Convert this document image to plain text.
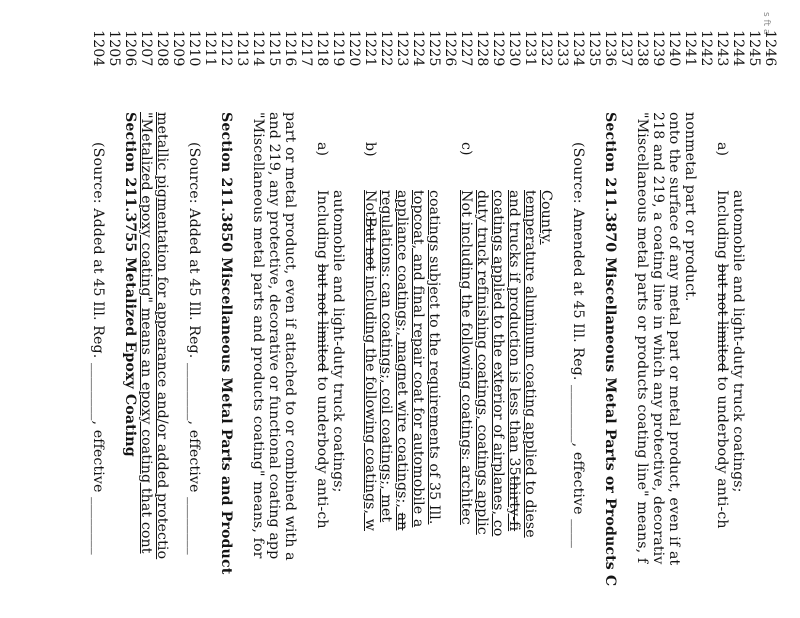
s ft a
1204 1205 1206 1207 1208 1209 1210 1211 1212 1213 1214 1215 1216 1217 1218 1219 1220 1221 1222 1223 1224 1225 1226 1227 1228 1229 1230 1231 1232 1233 1234 1235 1236 1237 1238 1239 1240 1241 1242 1243 1244 1245 1246
(Source: Added at 45 Ill. Reg. ________, effective ________ Section 211.3755 Metalized Epoxy Coating "Metalized epoxy coating" means an epoxy coating that cont metallic pigmentation for appearance and/or added protectio (Source: Added at 45 Ill. Reg. ________, effective ________ Section 211.3850 Miscellaneous Metal Parts and Product "Miscellaneous metal parts and products coating" means, for and 219, any protective, decorative or functional coating app part or metal product, even if attached to or combined with a a)
Including but not limited to underbody anti-ch automobile and light-duty truck coatings;
b)
NotBut not including the following coatings, w regulations: can coatings;, coil coatings;, met appliance coatings;, magnet wire coatings;, an topcoat, and final repair coat for automobile a coatings subject to the requirements of 35 Ill.
c)
Not including the following coatings: architec duty truck refinishing coatings, coatings applic coatings applied to the exterior of airplanes, co and trucks if production is less than 35thirty-fi temperature aluminum coating applied to diese County. (Source: Amended at 45 Ill. Reg. ________, effective ____ Section 211.3870 Miscellaneous Metal Parts or Products C "Miscellaneous metal parts or products coating line" means, f 218 and 219, a coating line in which any protective, decorativ onto the surface of any metal part or metal product, even if at nonmetal part or product. a)
Including but not limited to underbody anti-ch automobile and light-duty truck coatings;
